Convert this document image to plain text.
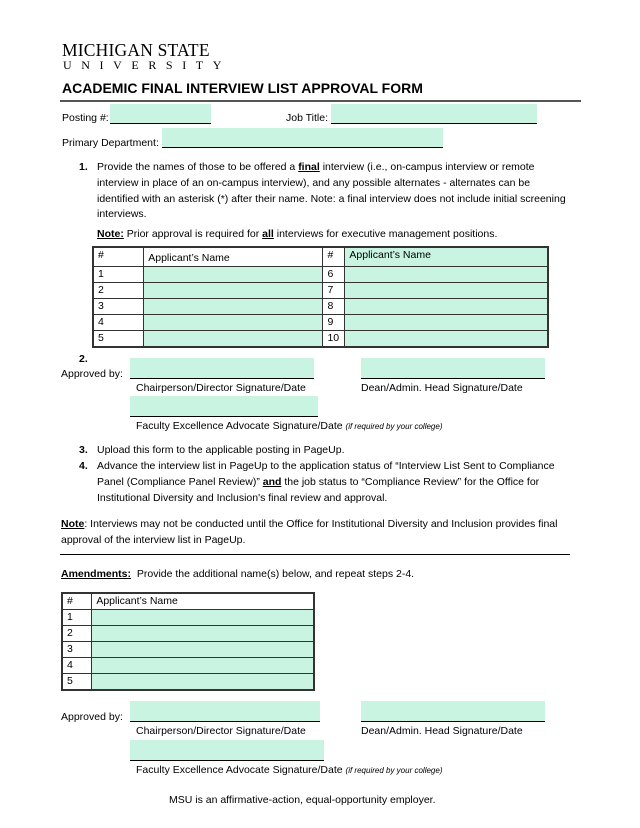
MICHIGAN STATE
UNIVERSITY
ACADEMIC FINAL INTERVIEW LIST APPROVAL FORM
Posting #:	Job Title:
Primary Department:
1. Provide the names of those to be offered a final interview (i.e., on-campus interview or remote interview in place of an on-campus interview), and any possible alternates - alternates can be identified with an asterisk (*) after their name. Note: a final interview does not include initial screening interviews.
Note: Prior approval is required for all interviews for executive management positions.
#	Applicant’s Name	#	Applicant’s Name
1		6	
2		7	
3		8	
4		9	
5		10	
2.
Approved by:
Chairperson/Director Signature/Date	Dean/Admin. Head Signature/Date
Faculty Excellence Advocate Signature/Date (if required by your college)
3. Upload this form to the applicable posting in PageUp.
4. Advance the interview list in PageUp to the application status of “Interview List Sent to Compliance Panel (Compliance Panel Review)” and the job status to “Compliance Review” for the Office for Institutional Diversity and Inclusion's final review and approval.
Note: Interviews may not be conducted until the Office for Institutional Diversity and Inclusion provides final approval of the interview list in PageUp.
Amendments:  Provide the additional name(s) below, and repeat steps 2-4.
#	Applicant’s Name
1	
2	
3	
4	
5	
Approved by:
Chairperson/Director Signature/Date	Dean/Admin. Head Signature/Date
Faculty Excellence Advocate Signature/Date (if required by your college)
MSU is an affirmative-action, equal-opportunity employer.
